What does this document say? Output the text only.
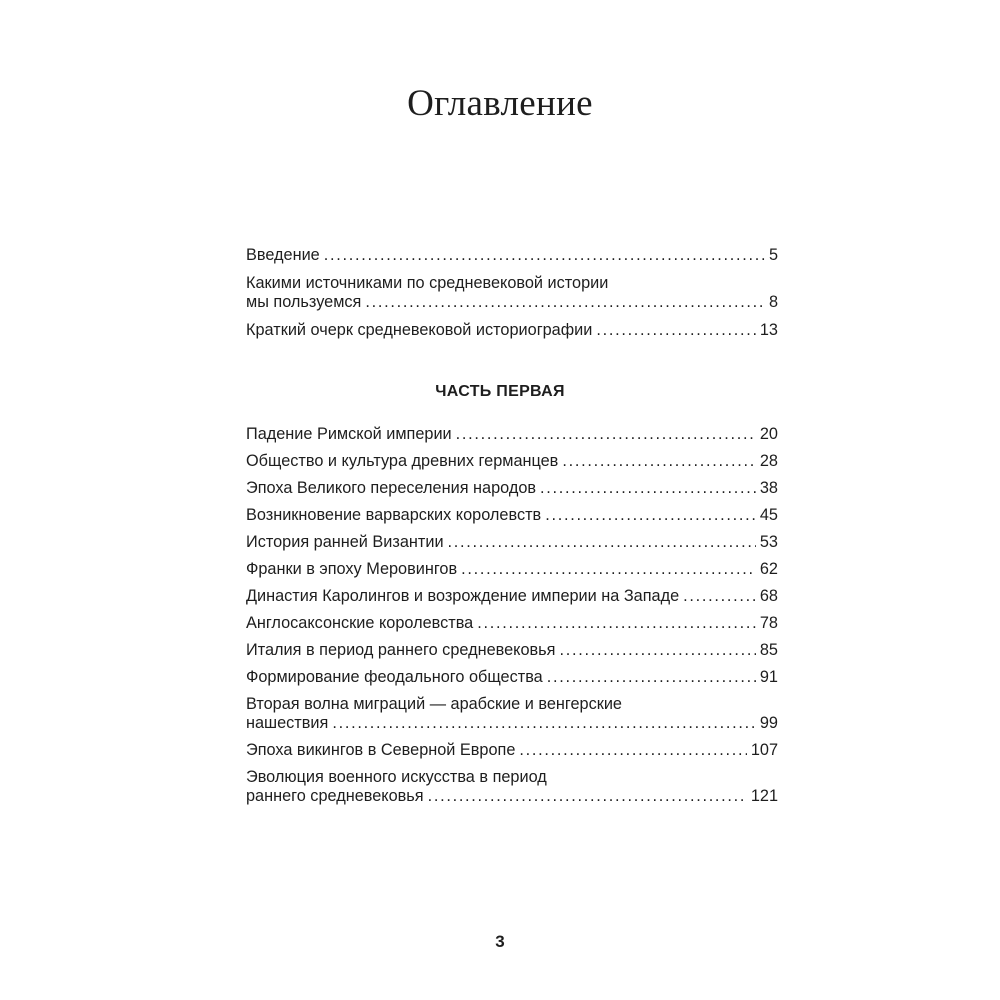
Оглавление
Введение . . .	5
Какими источниками по средневековой истории
мы пользуемся . . .	8
Краткий очерк средневековой историографии . . .	13
ЧАСТЬ ПЕРВАЯ
Падение Римской империи . . .	20
Общество и культура древних германцев . . .	28
Эпоха Великого переселения народов . . .	38
Возникновение варварских королевств . . .	45
История ранней Византии . . .	53
Франки в эпоху Меровингов . . .	62
Династия Каролингов и возрождение империи на Западе . . .	68
Англосаксонские королевства . . .	78
Италия в период раннего средневековья . . .	85
Формирование феодального общества . . .	91
Вторая волна миграций — арабские и венгерские
нашествия . . .	99
Эпоха викингов в Северной Европе . . .	107
Эволюция военного искусства в период
раннего средневековья . . .	121
3
